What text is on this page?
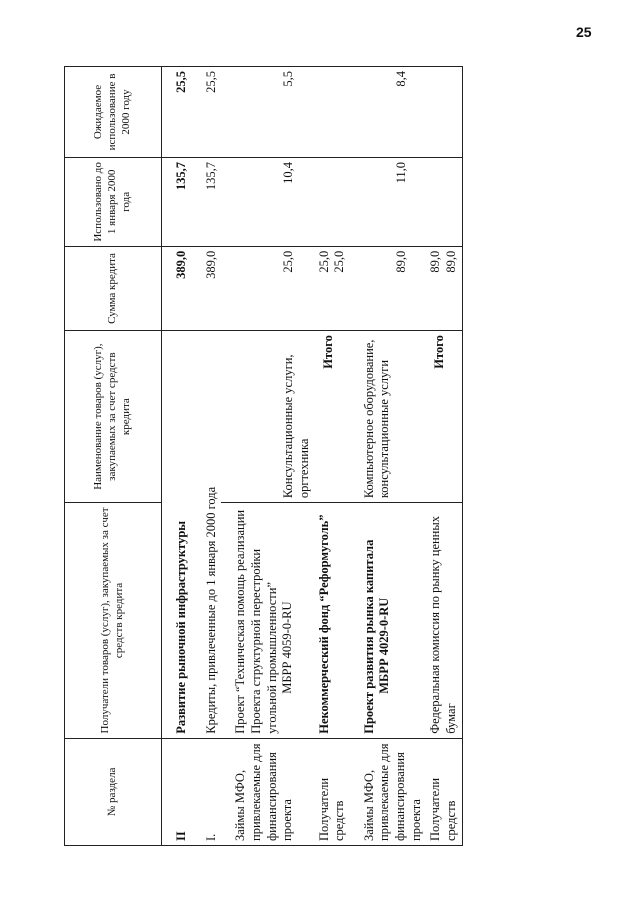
25
№ раздела	Получатели товаров (услуг), закупаемых за счет средств кредита	Наименование товаров (услуг), закупаемых за счет средств кредита	Сумма кредита	Использовано до 1 января 2000 года	Ожидаемое использование в 2000 году
II	Развитие рыночной инфраструктуры		389,0	135,7	25,5
I.	Кредиты, привлеченные до 1 января 2000 года		389,0	135,7	25,5
Займы МФО, привлекаемые для финансирования проекта	Проект “Техническая помощь реализации Проекта структурной перестройки угольной промышленности” МБРР 4059-0-RU	Консультационные услуги, оргтехника	25,0	10,4	5,5
Получатели средств	Некоммерческий фонд “Реформуголь”	Итого	25,0 25,0		

Займы МФО, привлекаемые для финансирования проекта	Проект развития рынка капитала МБРР 4029-0-RU	Компьютерное оборудование, консультационные услуги	89,0	11,0	8,4
Получатели средств	Федеральная комиссия по рынку ценных бумаг	Итого	89,0 89,0		
